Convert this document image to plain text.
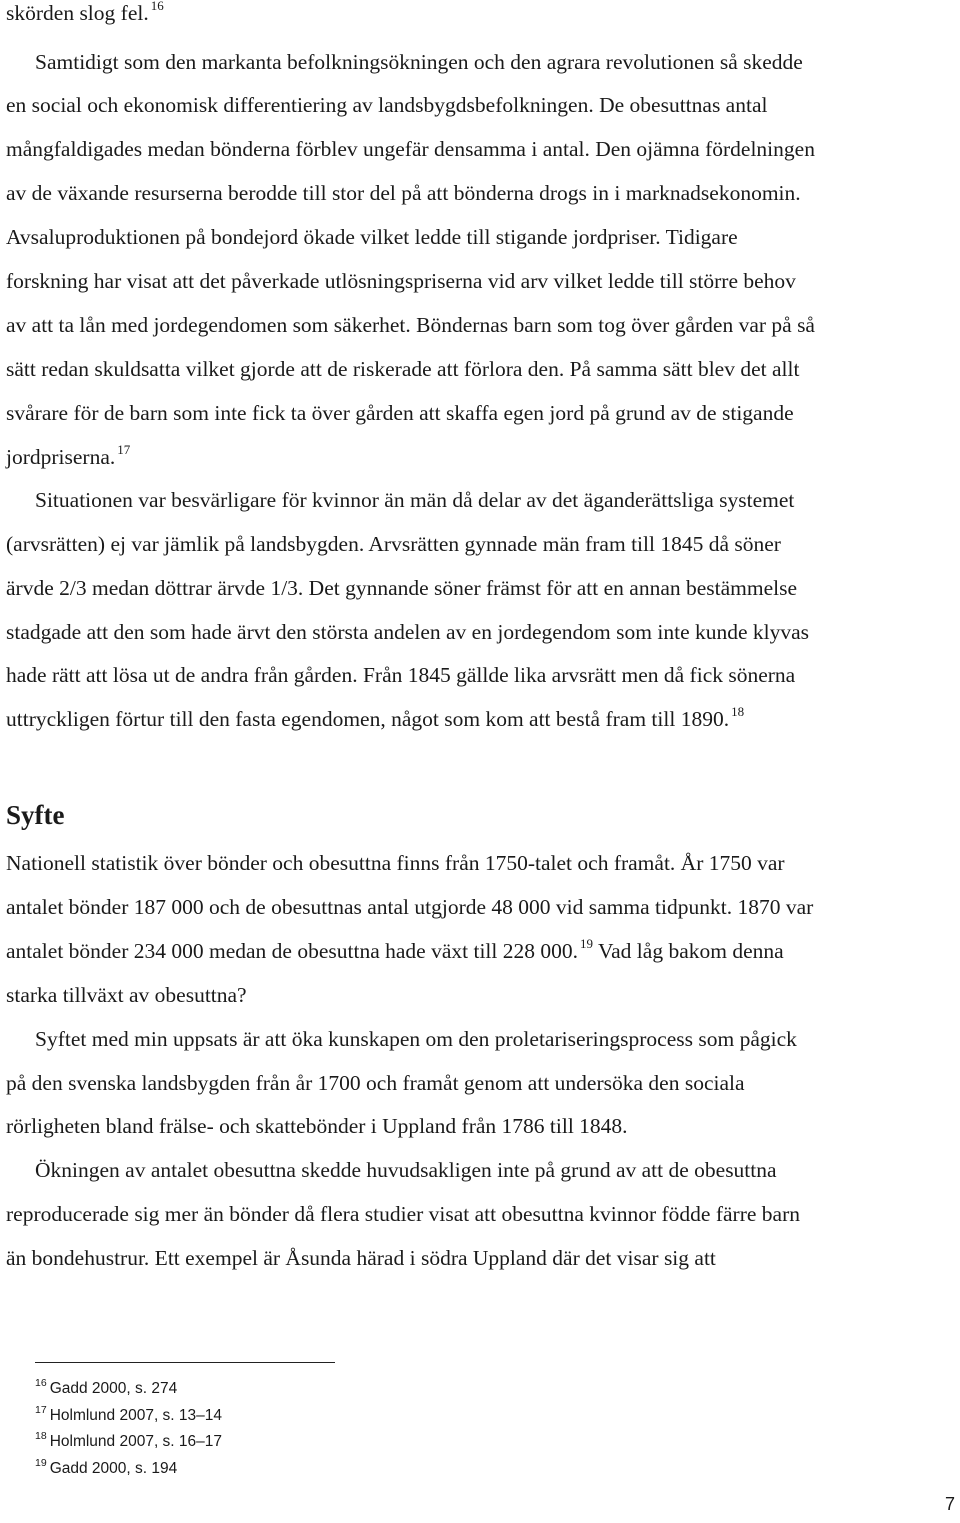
skörden slog fel. $^{16}$

Samtidigt som den markanta befolkningsökningen och den agrara revolutionen så skedde

en social och ekonomisk differentiering av landsbygdsbefolkningen. De obesuttnas antal

mångfaldigades medan bönderna förblev ungefär densamma i antal. Den ojämna fördelningen

av de växande resurserna berodde till stor del på att bönderna drogs in i marknadsekonomin.

Avsaluproduktionen på bondejord ökade vilket ledde till stigande jordpriser. Tidigare

forskning har visat att det påverkade utlösningspriserna vid arv vilket ledde till större behov

av att ta lån med jordegendomen som säkerhet. Böndernas barn som tog över gården var på så

sätt redan skuldsatta vilket gjorde att de riskerade att förlora den. På samma sätt blev det allt

svårare för de barn som inte fick ta över gården att skaffa egen jord på grund av de stigande

jordpriserna. $^{17}$

Situationen var besvärligare för kvinnor än män då delar av det äganderättsliga systemet

(arvsrätten) ej var jämlik på landsbygden. Arvsrätten gynnade män fram till 1845 då söner

ärvde 2/3 medan döttrar ärvde 1/3. Det gynnande söner främst för att en annan bestämmelse

stadgade att den som hade ärvt den största andelen av en jordegendom som inte kunde klyvas

hade rätt att lösa ut de andra från gården. Från 1845 gällde lika arvsrätt men då fick sönerna

uttryckligen förtur till den fasta egendomen, något som kom att bestå fram till 1890. $^{18}$

Syfte

Nationell statistik över bönder och obesuttna finns från 1750-talet och framåt. År 1750 var

antalet bönder 187 000 och de obesuttnas antal utgjorde 48 000 vid samma tidpunkt. 1870 var

antalet bönder 234 000 medan de obesuttna hade växt till 228 000. $^{19}$ Vad låg bakom denna

starka tillväxt av obesuttna?

Syftet med min uppsats är att öka kunskapen om den proletariseringsprocess som pågick

på den svenska landsbygden från år 1700 och framåt genom att undersöka den sociala

rörligheten bland frälse- och skattebönder i Uppland från 1786 till 1848.

Ökningen av antalet obesuttna skedde huvudsakligen inte på grund av att de obesuttna

reproducerade sig mer än bönder då flera studier visat att obesuttna kvinnor födde färre barn

än bondehustrur. Ett exempel är Åsunda härad i södra Uppland där det visar sig att

$^{16}$ Gadd 2000, s. 274

$^{17}$ Holmlund 2007, s. 13–14

$^{18}$ Holmlund 2007, s. 16–17

$^{19}$ Gadd 2000, s. 194

7
